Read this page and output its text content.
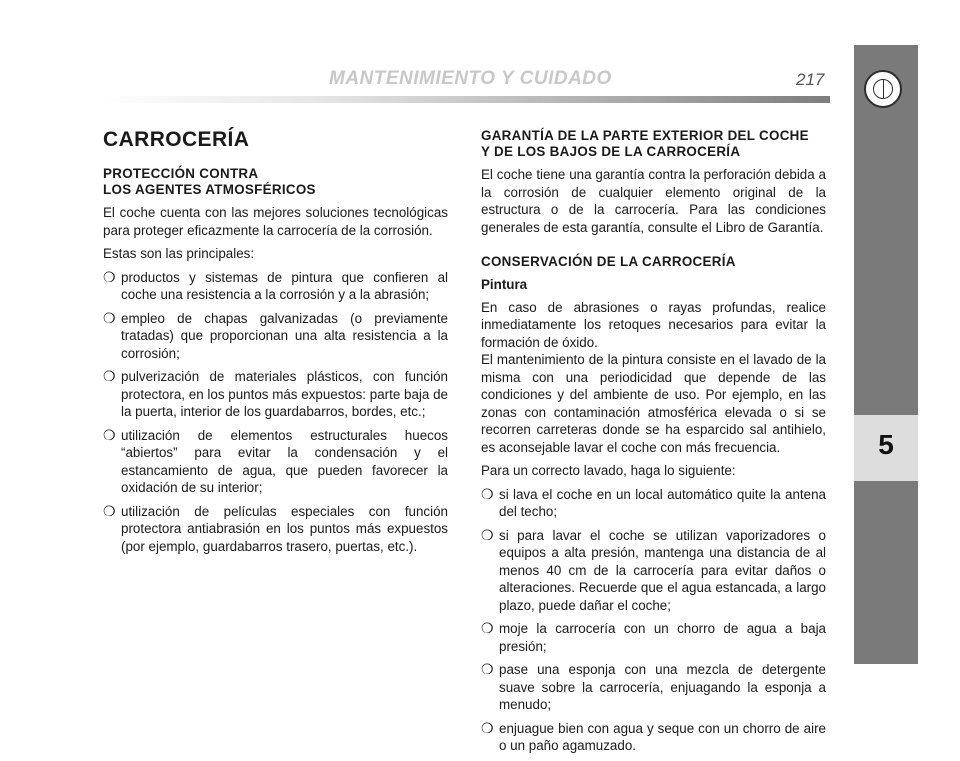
MANTENIMIENTO Y CUIDADO	217
5
CARROCERÍA
PROTECCIÓN CONTRA
LOS AGENTES ATMOSFÉRICOS

El coche cuenta con las mejores soluciones tecnológicas para proteger eficazmente la carrocería de la corrosión.

Estas son las principales:

❍ productos y sistemas de pintura que confieren al coche una resistencia a la corrosión y a la abrasión;
❍ empleo de chapas galvanizadas (o previamente tratadas) que proporcionan una alta resistencia a la corrosión;
❍ pulverización de materiales plásticos, con función protectora, en los puntos más expuestos: parte baja de la puerta, interior de los guardabarros, bordes, etc.;
❍ utilización de elementos estructurales huecos “abiertos” para evitar la condensación y el estancamiento de agua, que pueden favorecer la oxidación de su interior;
❍ utilización de películas especiales con función protectora antiabrasión en los puntos más expuestos (por ejemplo, guardabarros trasero, puertas, etc.).
GARANTÍA DE LA PARTE EXTERIOR DEL COCHE
Y DE LOS BAJOS DE LA CARROCERÍA

El coche tiene una garantía contra la perforación debida a la corrosión de cualquier elemento original de la estructura o de la carrocería. Para las condiciones generales de esta garantía, consulte el Libro de Garantía.

CONSERVACIÓN DE LA CARROCERÍA
Pintura

En caso de abrasiones o rayas profundas, realice inmediatamente los retoques necesarios para evitar la formación de óxido.

El mantenimiento de la pintura consiste en el lavado de la misma con una periodicidad que depende de las condiciones y del ambiente de uso. Por ejemplo, en las zonas con contaminación atmosférica elevada o si se recorren carreteras donde se ha esparcido sal antihielo, es aconsejable lavar el coche con más frecuencia.

Para un correcto lavado, haga lo siguiente:

❍ si lava el coche en un local automático quite la antena del techo;
❍ si para lavar el coche se utilizan vaporizadores o equipos a alta presión, mantenga una distancia de al menos 40 cm de la carrocería para evitar daños o alteraciones. Recuerde que el agua estancada, a largo plazo, puede dañar el coche;
❍ moje la carrocería con un chorro de agua a baja presión;
❍ pase una esponja con una mezcla de detergente suave sobre la carrocería, enjuagando la esponja a menudo;
❍ enjuague bien con agua y seque con un chorro de aire o un paño agamuzado.
